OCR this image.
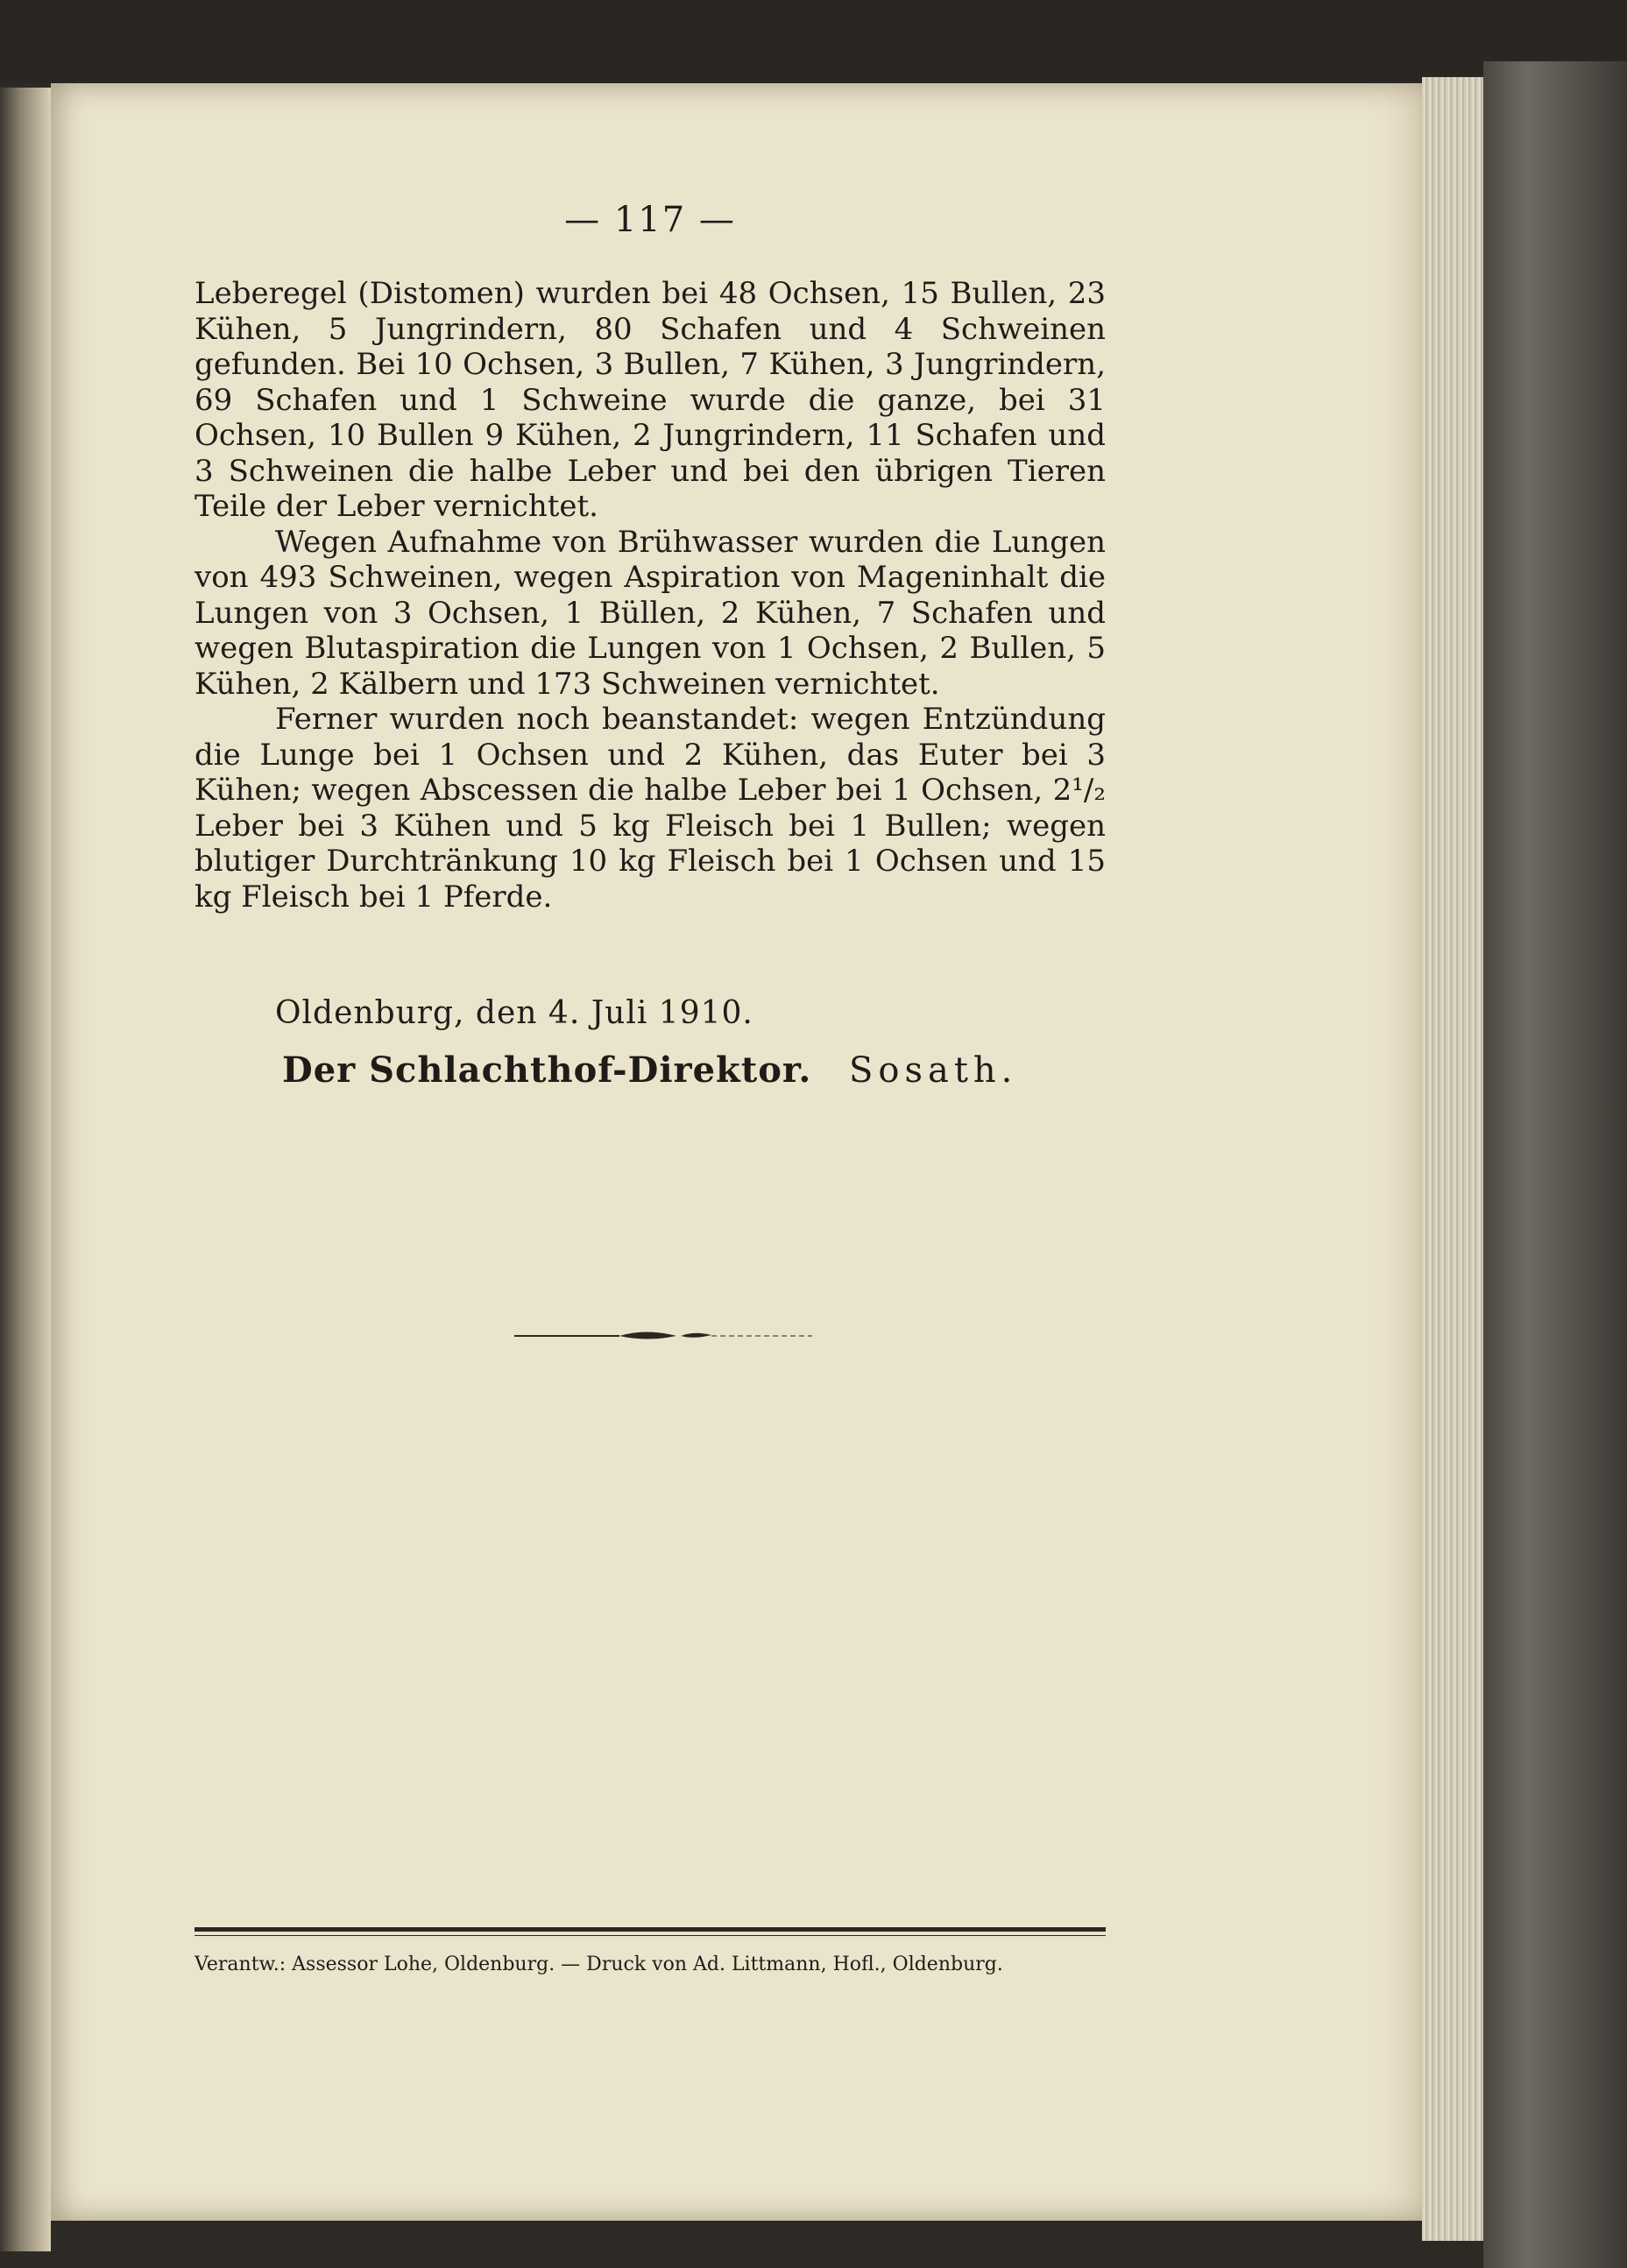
— 117 —

Leberegel (Distomen) wurden bei 48 Ochsen, 15 Bullen, 23 Kühen, 5 Jungrindern, 80 Schafen und 4 Schweinen gefunden. Bei 10 Ochsen, 3 Bullen, 7 Kühen, 3 Jungrindern, 69 Schafen und 1 Schweine wurde die ganze, bei 31 Ochsen, 10 Bullen 9 Kühen, 2 Jungrindern, 11 Schafen und 3 Schweinen die halbe Leber und bei den übrigen Tieren Teile der Leber vernichtet.

Wegen Aufnahme von Brühwasser wurden die Lungen von 493 Schweinen, wegen Aspiration von Mageninhalt die Lungen von 3 Ochsen, 1 Büllen, 2 Kühen, 7 Schafen und wegen Blutaspiration die Lungen von 1 Ochsen, 2 Bullen, 5 Kühen, 2 Kälbern und 173 Schweinen vernichtet.

Ferner wurden noch beanstandet: wegen Entzündung die Lunge bei 1 Ochsen und 2 Kühen, das Euter bei 3 Kühen; wegen Abscessen die halbe Leber bei 1 Ochsen, 2¹/₂ Leber bei 3 Kühen und 5 kg Fleisch bei 1 Bullen; wegen blutiger Durchtränkung 10 kg Fleisch bei 1 Ochsen und 15 kg Fleisch bei 1 Pferde.

Oldenburg, den 4. Juli 1910.
Der Schlachthof-Direktor. Sosath.
Verantw.: Assessor Lohe, Oldenburg. — Druck von Ad. Littmann, Hofl., Oldenburg.
